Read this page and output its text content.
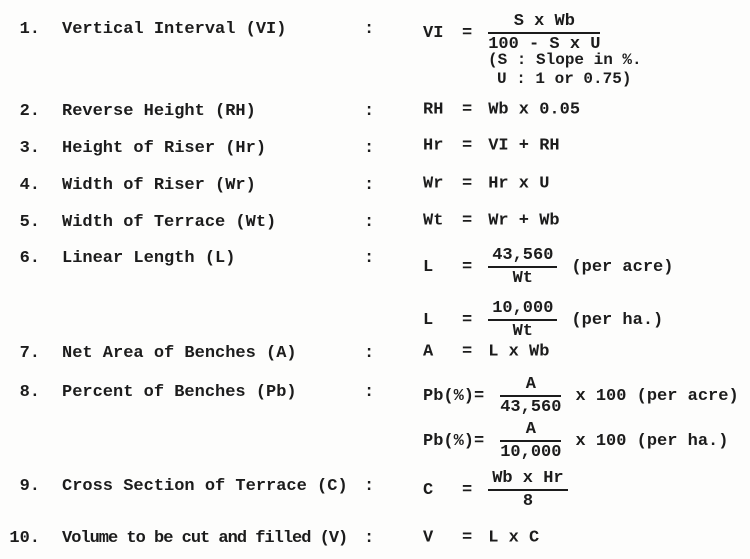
1. Vertical Interval (VI)	:	VI	= $\frac{\text{S x Wb}}{\text{100 - S x U}}$
(S : Slope in %.
U : 1 or 0.75)
2. Reverse Height (RH)	:	RH	= Wb x 0.05
3. Height of Riser (Hr)	:	Hr	= VI + RH
4. Width of Riser (Wr)	:	Wr	= Hr x U
5. Width of Terrace (Wt)	:	Wt	= Wr + Wb
6. Linear Length (L)	:	L	= $\frac{43,560}{Wt} (per$ acre)
L	= $\frac{10,000}{Wt} (per$ ha.)
7. Net Area of Benches (A)	:	A	= L x Wb
8. Percent of Benches (Pb)	:	$Pb(\%) = \frac{A}{43,560}$ x 100 (per acre)
$Pb(\%) = \frac{A}{10,000}$ x 100 (per ha.)
9. Cross Section of Terrace (C) :	C	= $\frac{\text{Wb x Hr}}{8}$
10. Volume to be cut and filled (V) :	V	= L x C
